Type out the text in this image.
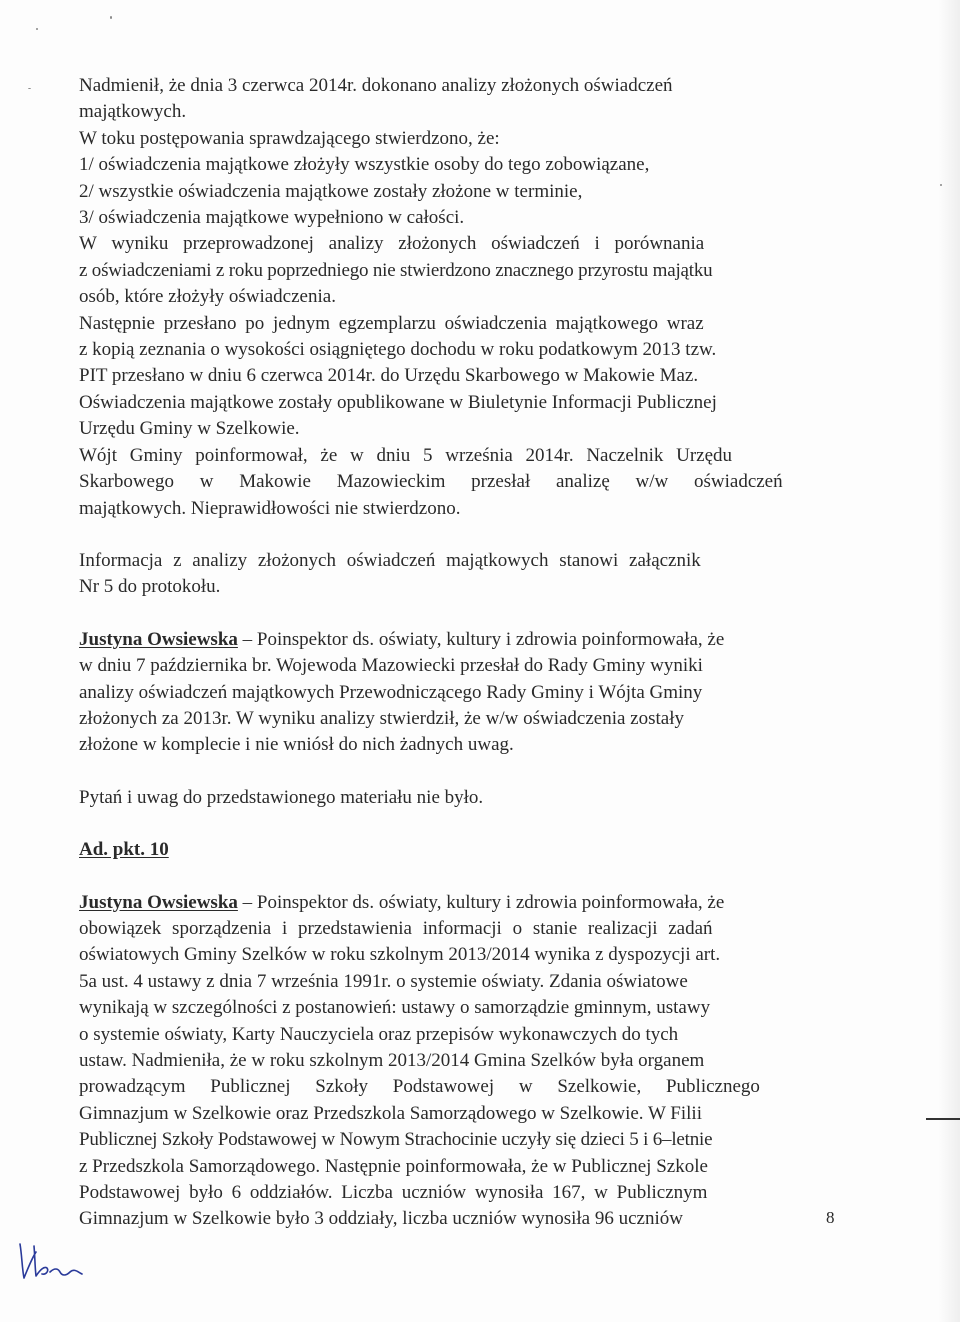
Nadmienił, że dnia 3 czerwca 2014r. dokonano analizy złożonych oświadczeń
majątkowych.
W toku postępowania sprawdzającego stwierdzono, że:
1/ oświadczenia majątkowe złożyły wszystkie osoby do tego zobowiązane,
2/ wszystkie oświadczenia majątkowe zostały złożone w terminie,
3/ oświadczenia majątkowe wypełniono w całości.
W wyniku przeprowadzonej analizy złożonych oświadczeń i porównania
z oświadczeniami z roku poprzedniego nie stwierdzono znacznego przyrostu majątku
osób, które złożyły oświadczenia.
Następnie przesłano po jednym egzemplarzu oświadczenia majątkowego wraz
z kopią zeznania o wysokości osiągniętego dochodu w roku podatkowym 2013 tzw.
PIT przesłano w dniu 6 czerwca 2014r. do Urzędu Skarbowego w Makowie Maz.
Oświadczenia majątkowe zostały opublikowane w Biuletynie Informacji Publicznej
Urzędu Gminy w Szelkowie.
Wójt Gminy poinformował, że w dniu 5 września 2014r. Naczelnik Urzędu
Skarbowego w Makowie Mazowieckim przesłał analizę w/w oświadczeń
majątkowych. Nieprawidłowości nie stwierdzono.
Informacja z analizy złożonych oświadczeń majątkowych stanowi załącznik
Nr 5 do protokołu.
Justyna Owsiewska – Poinspektor ds. oświaty, kultury i zdrowia poinformowała, że
w dniu 7 października br. Wojewoda Mazowiecki przesłał do Rady Gminy wyniki
analizy oświadczeń majątkowych Przewodniczącego Rady Gminy i Wójta Gminy
złożonych za 2013r. W wyniku analizy stwierdził, że w/w oświadczenia zostały
złożone w komplecie i nie wniósł do nich żadnych uwag.
Pytań i uwag do przedstawionego materiału nie było.
Ad. pkt. 10
Justyna Owsiewska – Poinspektor ds. oświaty, kultury i zdrowia poinformowała, że
obowiązek sporządzenia i przedstawienia informacji o stanie realizacji zadań
oświatowych Gminy Szelków w roku szkolnym 2013/2014 wynika z dyspozycji art.
5a ust. 4 ustawy z dnia 7 września 1991r. o systemie oświaty. Zdania oświatowe
wynikają w szczególności z postanowień: ustawy o samorządzie gminnym, ustawy
o systemie oświaty, Karty Nauczyciela oraz przepisów wykonawczych do tych
ustaw. Nadmieniła, że w roku szkolnym 2013/2014 Gmina Szelków była organem
prowadzącym Publicznej Szkoły Podstawowej w Szelkowie, Publicznego
Gimnazjum w Szelkowie oraz Przedszkola Samorządowego w Szelkowie. W Filii
Publicznej Szkoły Podstawowej w Nowym Strachocinie uczyły się dzieci 5 i 6–letnie
z Przedszkola Samorządowego. Następnie poinformowała, że w Publicznej Szkole
Podstawowej było 6 oddziałów. Liczba uczniów wynosiła 167, w Publicznym
Gimnazjum w Szelkowie było 3 oddziały, liczba uczniów wynosiła 96 uczniów	8
